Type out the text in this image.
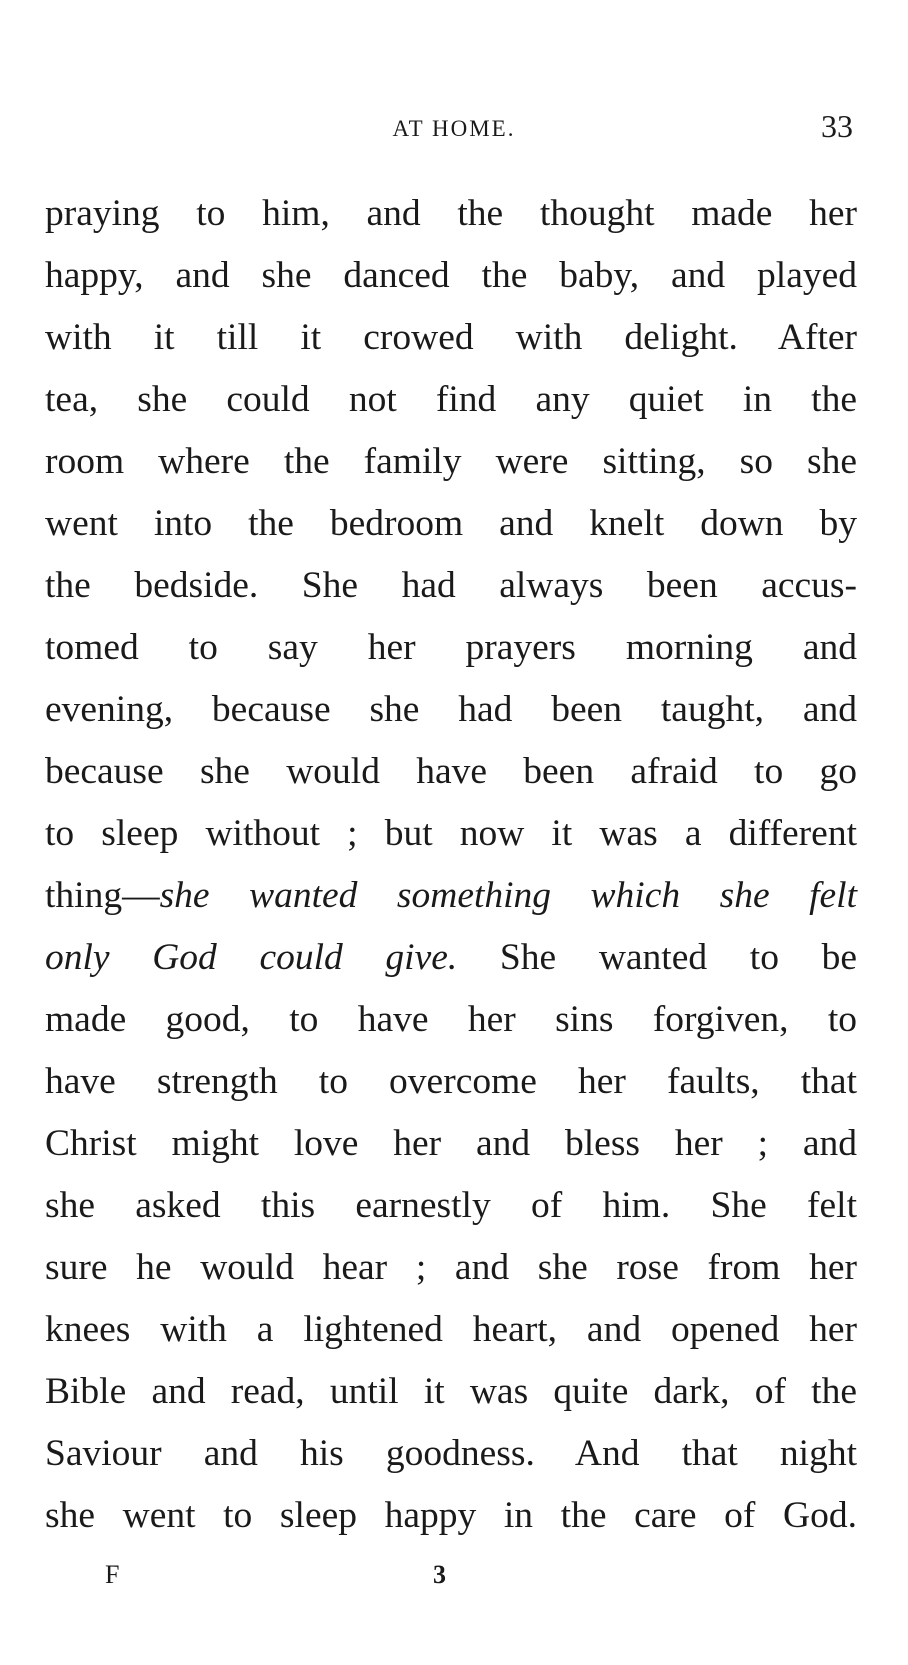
AT HOME.	33
praying to him, and the thought made her
happy, and she danced the baby, and played
with it till it crowed with delight. After
tea, she could not find any quiet in the
room where the family were sitting, so she
went into the bedroom and knelt down by
the bedside. She had always been accus-
tomed to say her prayers morning and
evening, because she had been taught, and
because she would have been afraid to go
to sleep without ; but now it was a different
thing—she wanted something which she felt
only God could give. She wanted to be
made good, to have her sins forgiven, to
have strength to overcome her faults, that
Christ might love her and bless her ; and
she asked this earnestly of him. She felt
sure he would hear ; and she rose from her
knees with a lightened heart, and opened her
Bible and read, until it was quite dark, of the
Saviour and his goodness. And that night
she went to sleep happy in the care of God.
F	3
